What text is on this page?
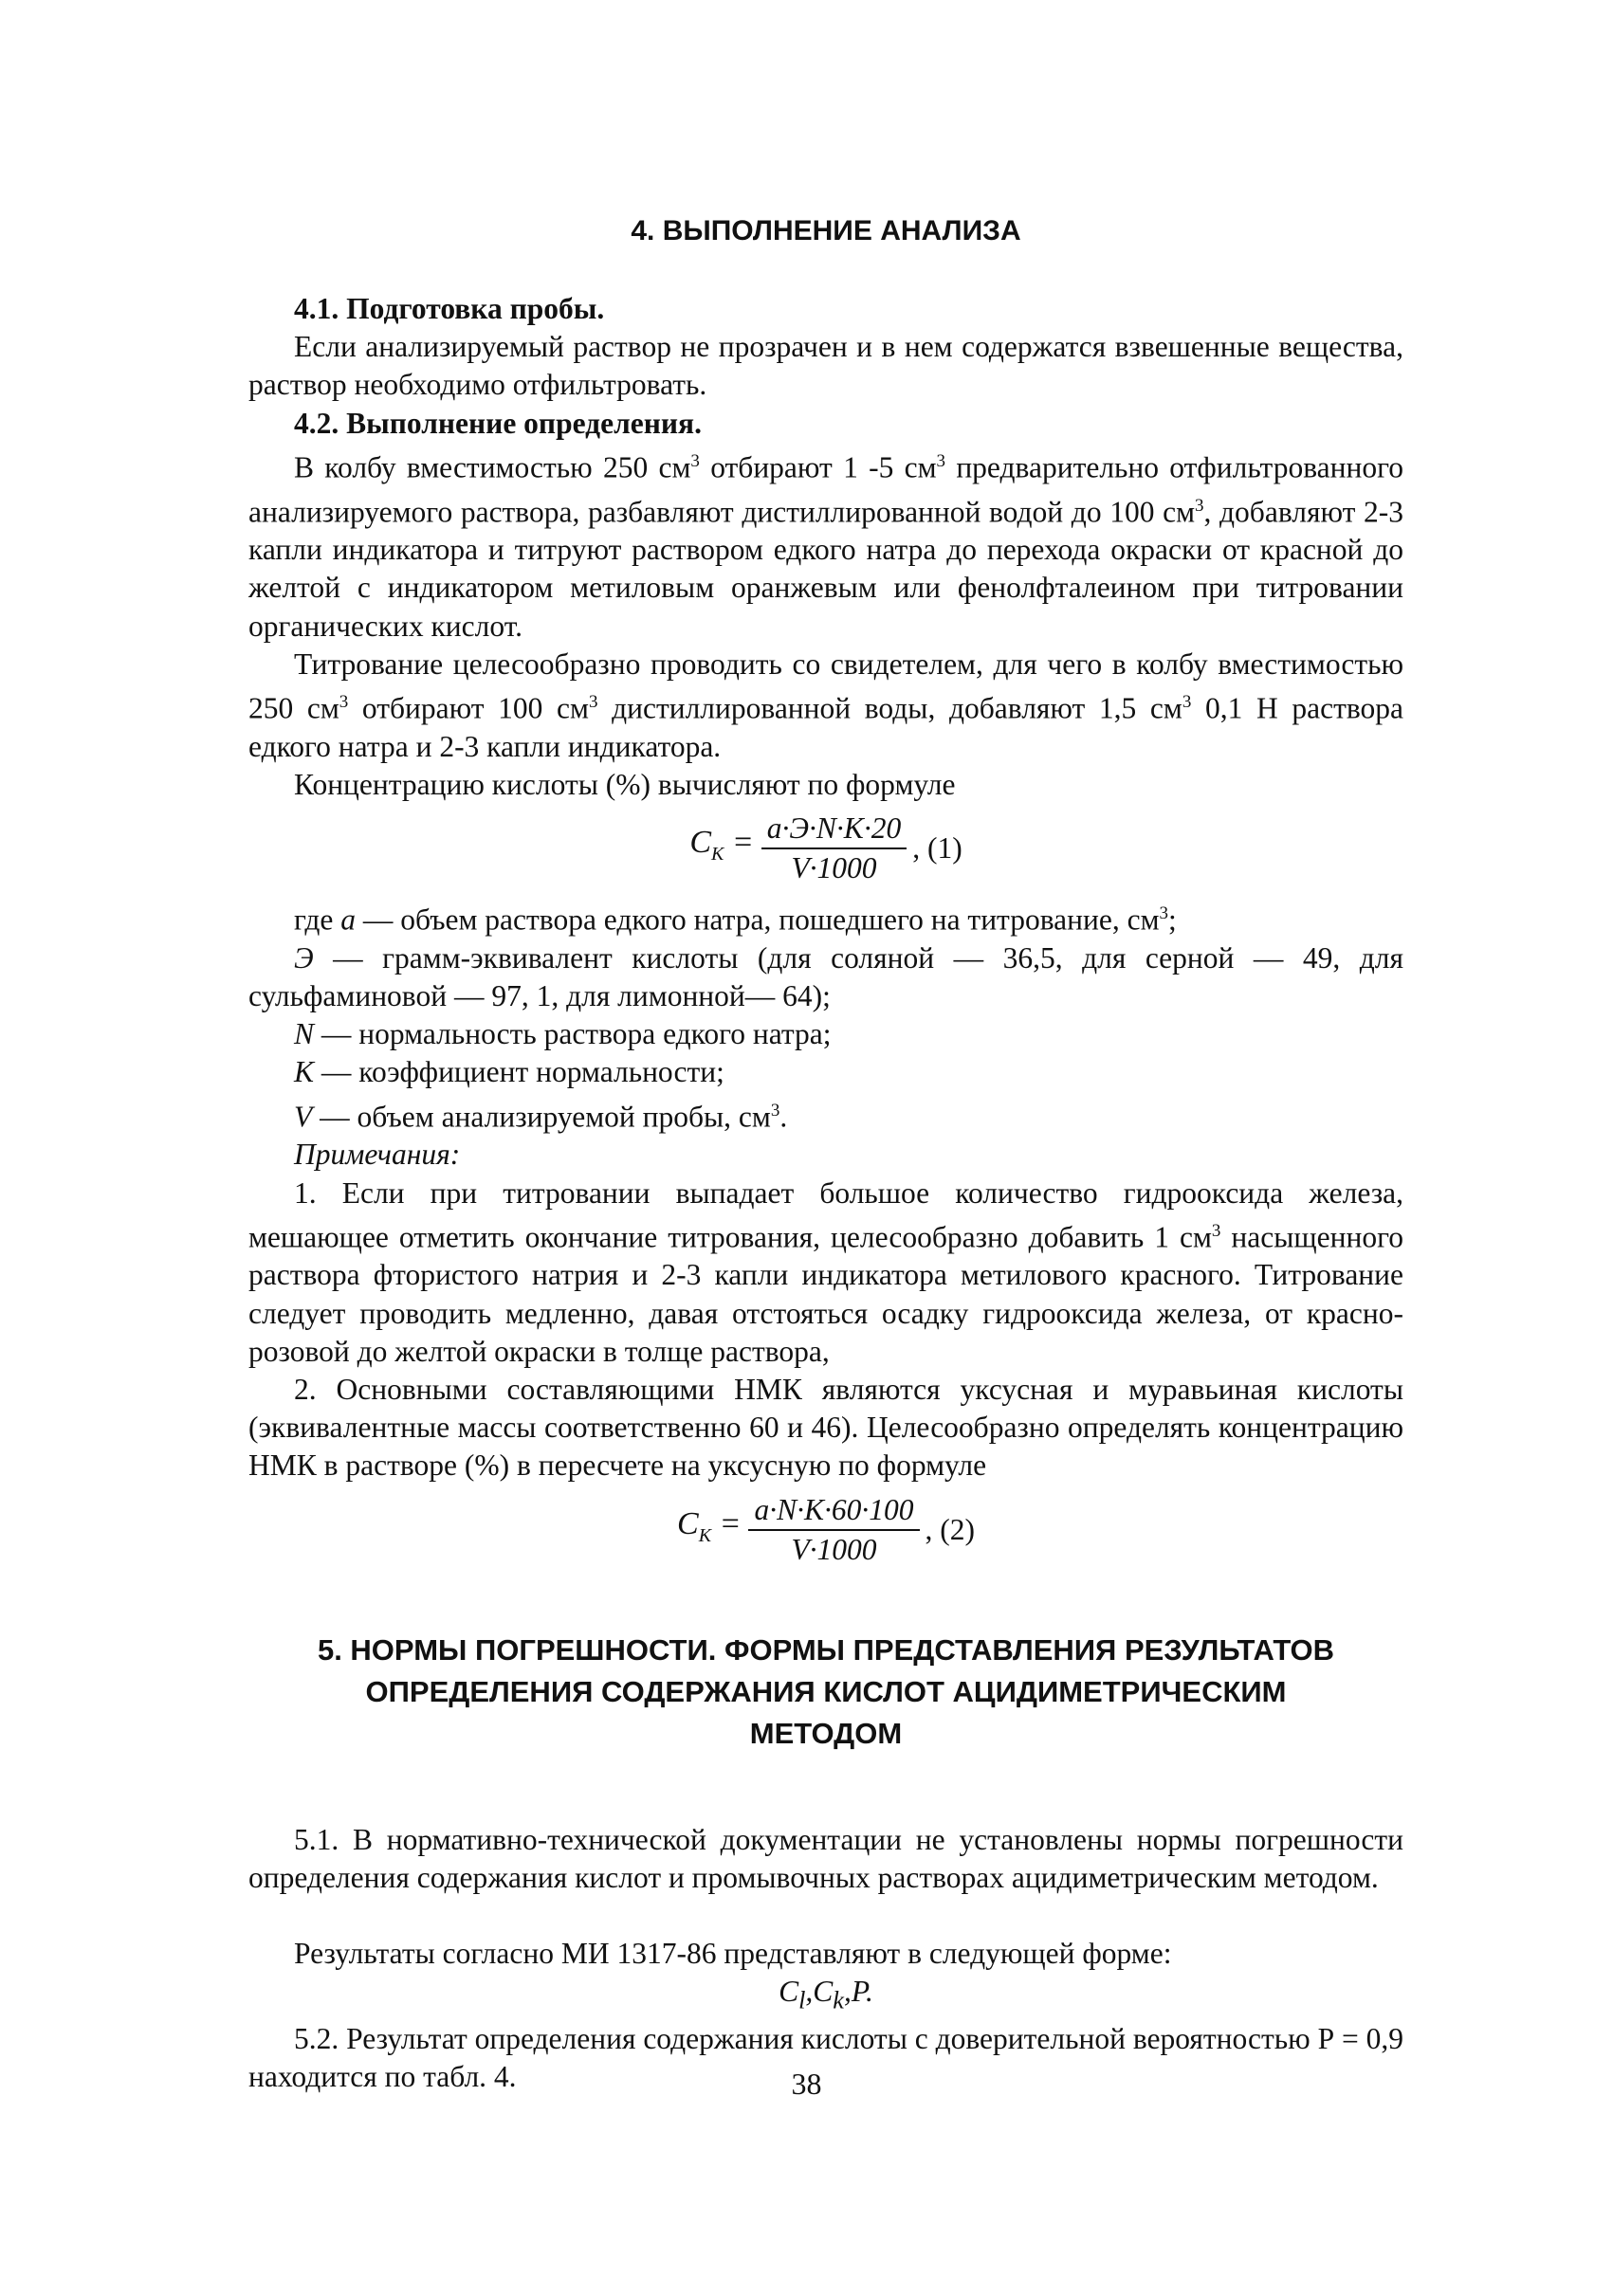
4. ВЫПОЛНЕНИЕ АНАЛИЗА
4.1. Подготовка пробы.

Если анализируемый раствор не прозрачен и в нем содержатся взвешенные вещества, раствор необходимо отфильтровать.

4.2. Выполнение определения.

В колбу вместимостью 250 $см^3$ отбирают 1 -5 $см^3$ предварительно отфильтрованного анализируемого раствора, разбавляют дистиллированной водой до 100 $см^3$, добавляют 2-3 капли индикатора и титруют раствором едкого натра до перехода окраски от красной до желтой с индикатором метиловым оранжевым или фенолфталеином при титровании органических кислот.

Титрование целесообразно проводить со свидетелем, для чего в колбу вместимостью 250 $см^3$ отбирают 100 $см^3$ дистиллированной воды, добавляют 1,5 $см^3$ 0,1 Н раствора едкого натра и 2-3 капли индикатора.

Концентрацию кислоты (%) вычисляют по формуле

$C_K = \frac{a\cdot Э\cdot N\cdot K\cdot 20}{V\cdot 1000}$ , (1)
где a — объем раствора едкого натра, пошедшего на титрование, $см^3$;

Э — грамм-эквивалент кислоты (для соляной — 36,5, для серной — 49, для сульфаминовой — 97, 1, для лимонной— 64);

N — нормальность раствора едкого натра;
K — коэффициент нормальности;
V — объем анализируемой пробы, $см^3$.
Примечания:

1. Если при титровании выпадает большое количество гидрооксида железа, мешающее отметить окончание титрования, целесообразно добавить 1 $см^3$ насыщенного раствора фтористого натрия и 2-3 капли индикатора метилового красного. Титрование следует проводить медленно, давая отстояться осадку гидрооксида железа, от красно-розовой до желтой окраски в толще раствора,

2. Основными составляющими НМК являются уксусная и муравьиная кислоты (эквивалентные массы соответственно 60 и 46). Целесообразно определять концентрацию НМК в растворе (%) в пересчете на уксусную по формуле

$C_K = \frac{a\cdot N\cdot K\cdot 60\cdot 100}{V\cdot 1000}$ , (2)
5. НОРМЫ ПОГРЕШНОСТИ. ФОРМЫ ПРЕДСТАВЛЕНИЯ РЕЗУЛЬТАТОВ
ОПРЕДЕЛЕНИЯ СОДЕРЖАНИЯ КИСЛОТ АЦИДИМЕТРИЧЕСКИМ
МЕТОДОМ

5.1. В нормативно-технической документации не установлены нормы погрешности определения содержания кислот и промывочных растворах ацидиметрическим методом.

Результаты согласно МИ 1317-86 представляют в следующей форме:
$C_l,C_k,P$.

5.2. Результат определения содержания кислоты с доверительной вероятностью Р = 0,9 находится по табл. 4.	38
